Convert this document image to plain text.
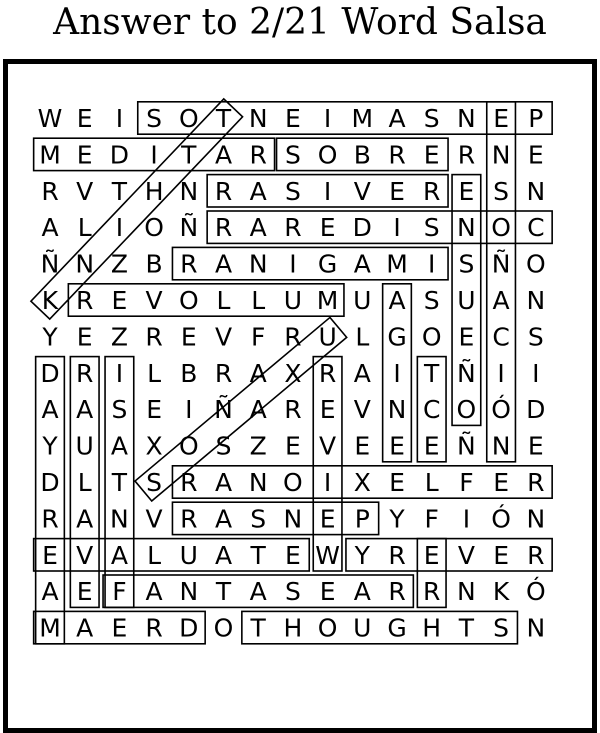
Answer to 2/21 Word Salsa
W E I S O T N E I M A S N E P
M E D I T A R S O B R E R N E
R V T H N R A S I V E R E S N
A L I O Ñ R A R E D I S N O C
Ñ N Z B R A N I G A M I S Ñ O
K R E V O L L U M U A S U A N
Y E Z R E V F R U L G O E C S
D R I L B R A X R A I T Ñ I I
A A S E I Ñ A R E V N C O Ó D
Y U A X O S Z E V E E E Ñ N E
D L T S R A N O I X E L F E R
R A N V R A S N E P Y F I Ó N
E V A L U A T E W Y R E V E R
A E F A N T A S E A R R N K Ó
M A E R D O T H O U G H T S N
